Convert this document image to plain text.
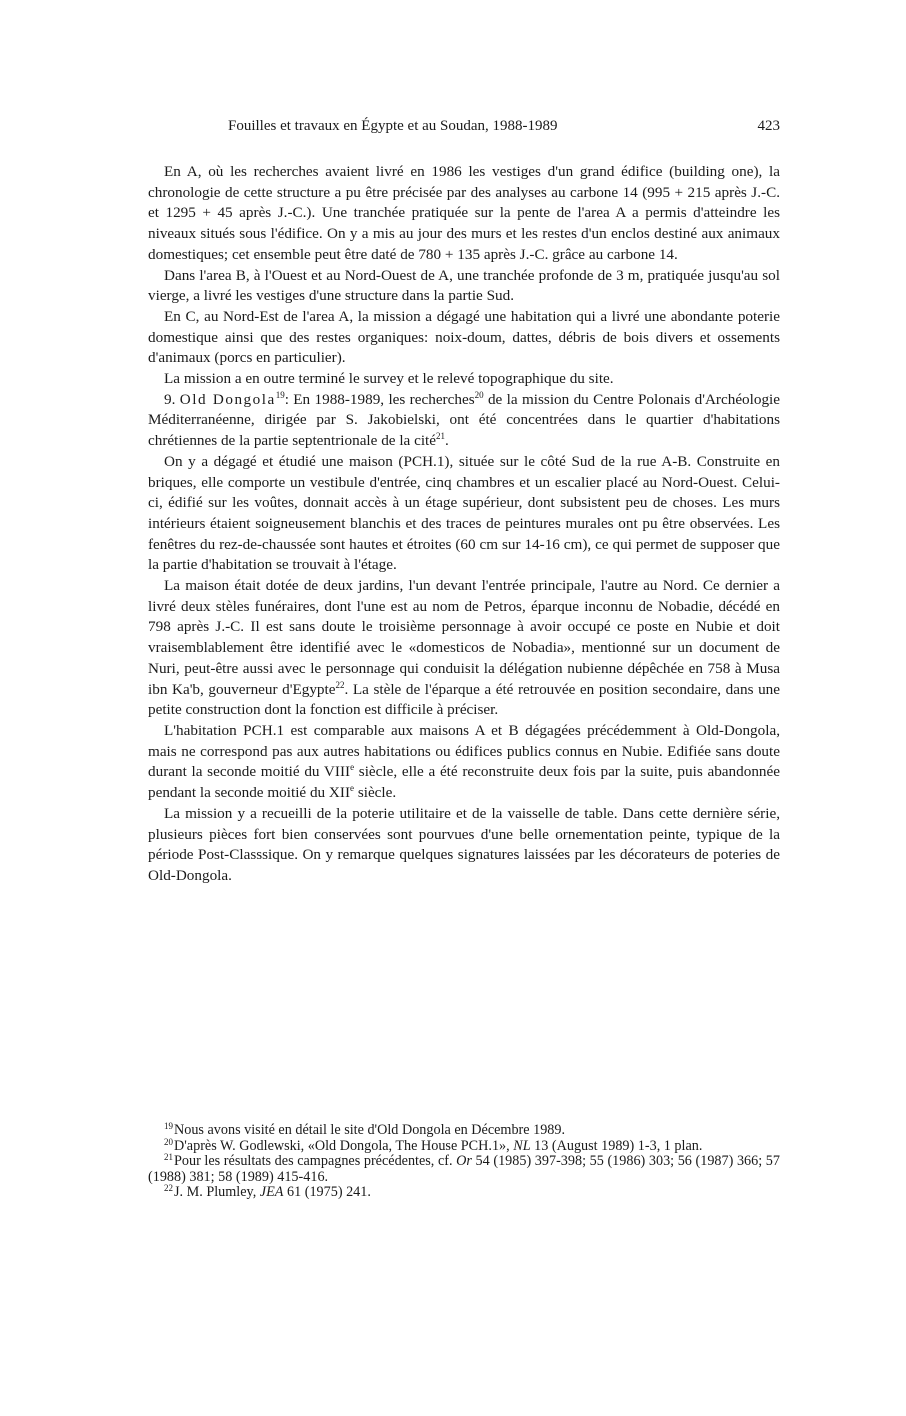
Fouilles et travaux en Égypte et au Soudan, 1988-1989	423

En A, où les recherches avaient livré en 1986 les vestiges d'un grand édifice (building one), la chronologie de cette structure a pu être précisée par des analyses au carbone 14 (995 + 215 après J.-C. et 1295 + 45 après J.-C.). Une tranchée pratiquée sur la pente de l'area A a permis d'atteindre les niveaux situés sous l'édifice. On y a mis au jour des murs et les restes d'un enclos destiné aux animaux domestiques; cet ensemble peut être daté de 780 + 135 après J.-C. grâce au carbone 14.

Dans l'area B, à l'Ouest et au Nord-Ouest de A, une tranchée profonde de 3 m, pratiquée jusqu'au sol vierge, a livré les vestiges d'une structure dans la partie Sud.

En C, au Nord-Est de l'area A, la mission a dégagé une habitation qui a livré une abondante poterie domestique ainsi que des restes organiques: noix-doum, dattes, débris de bois divers et ossements d'animaux (porcs en particulier).

La mission a en outre terminé le survey et le relevé topographique du site.

9. Old Dongola$^{19}$: En 1988-1989, les recherches$^{20}$ de la mission du Centre Polonais d'Archéologie Méditerranéenne, dirigée par S. Jakobielski, ont été concentrées dans le quartier d'habitations chrétiennes de la partie septentrionale de la cité$^{21}$.

On y a dégagé et étudié une maison (PCH.1), située sur le côté Sud de la rue A-B. Construite en briques, elle comporte un vestibule d'entrée, cinq chambres et un escalier placé au Nord-Ouest. Celui-ci, édifié sur les voûtes, donnait accès à un étage supérieur, dont subsistent peu de choses. Les murs intérieurs étaient soigneusement blanchis et des traces de peintures murales ont pu être observées. Les fenêtres du rez-de-chaussée sont hautes et étroites (60 cm sur 14-16 cm), ce qui permet de supposer que la partie d'habitation se trouvait à l'étage.

La maison était dotée de deux jardins, l'un devant l'entrée principale, l'autre au Nord. Ce dernier a livré deux stèles funéraires, dont l'une est au nom de Petros, éparque inconnu de Nobadie, décédé en 798 après J.-C. Il est sans doute le troisième personnage à avoir occupé ce poste en Nubie et doit vraisemblablement être identifié avec le «domesticos de Nobadia», mentionné sur un document de Nuri, peut-être aussi avec le personnage qui conduisit la délégation nubienne dépêchée en 758 à Musa ibn Ka'b, gouverneur d'Egypte$^{22}$. La stèle de l'éparque a été retrouvée en position secondaire, dans une petite construction dont la fonction est difficile à préciser.

L'habitation PCH.1 est comparable aux maisons A et B dégagées précédemment à Old-Dongola, mais ne correspond pas aux autres habitations ou édifices publics connus en Nubie. Edifiée sans doute durant la seconde moitié du VIIIe siècle, elle a été reconstruite deux fois par la suite, puis abandonnée pendant la seconde moitié du XIIe siècle.

La mission y a recueilli de la poterie utilitaire et de la vaisselle de table. Dans cette dernière série, plusieurs pièces fort bien conservées sont pourvues d'une belle ornementation peinte, typique de la période Post-Classsique. On y remarque quelques signatures laissées par les décorateurs de poteries de Old-Dongola.

$^{19}$Nous avons visité en détail le site d'Old Dongola en Décembre 1989.

$^{20}$D'après W. Godlewski, «Old Dongola, The House PCH.1», NL 13 (August 1989) 1-3, 1 plan.

$^{21}$Pour les résultats des campagnes précédentes, cf. Or 54 (1985) 397-398; 55 (1986) 303; 56 (1987) 366; 57 (1988) 381; 58 (1989) 415-416.

$^{22}$J. M. Plumley, JEA 61 (1975) 241.
